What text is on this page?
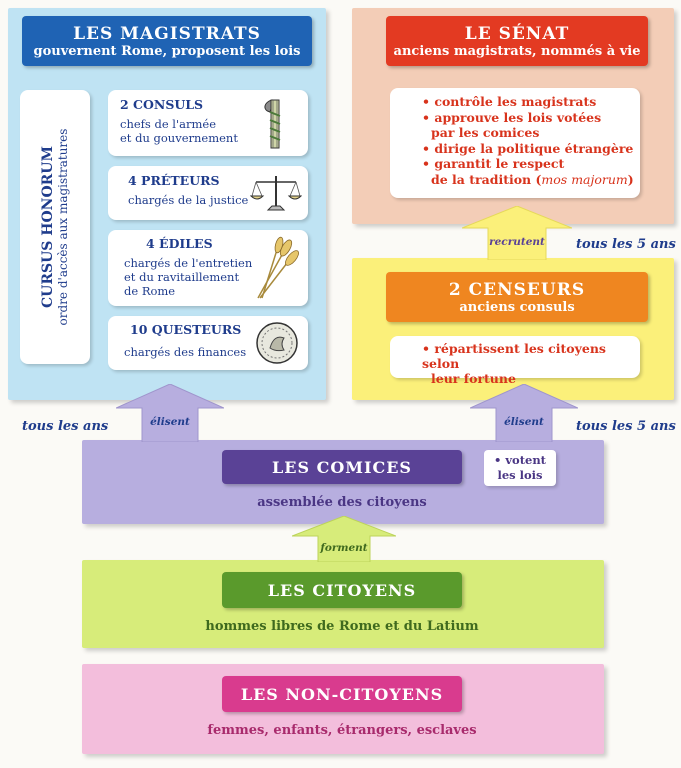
LES MAGISTRATS
gouvernent Rome, proposent les lois
CURSUS HONORUM ordre d'accès aux magistratures
2 CONSULS
chefs de l'armée
et du gouvernement
4 PRÉTEURS
chargés de la justice
4 ÉDILES
chargés de l'entretien
et du ravitaillement
de Rome
10 QUESTEURS
chargés des finances
LE SÉNAT
anciens magistrats, nommés à vie
• contrôle les magistrats
• approuve les lois votées
par les comices
• dirige la politique étrangère
• garantit le respect
de la tradition (mos majorum)
2 CENSEURS
anciens consuls
• répartissent les citoyens selon
leur fortune
LES COMICES
assemblée des citoyens
• votent
les lois
LES CITOYENS
hommes libres de Rome et du Latium
LES NON-CITOYENS
femmes, enfants, étrangers, esclaves
recrutent
élisent	élisent
forment
tous les ans
tous les 5 ans
tous les 5 ans
